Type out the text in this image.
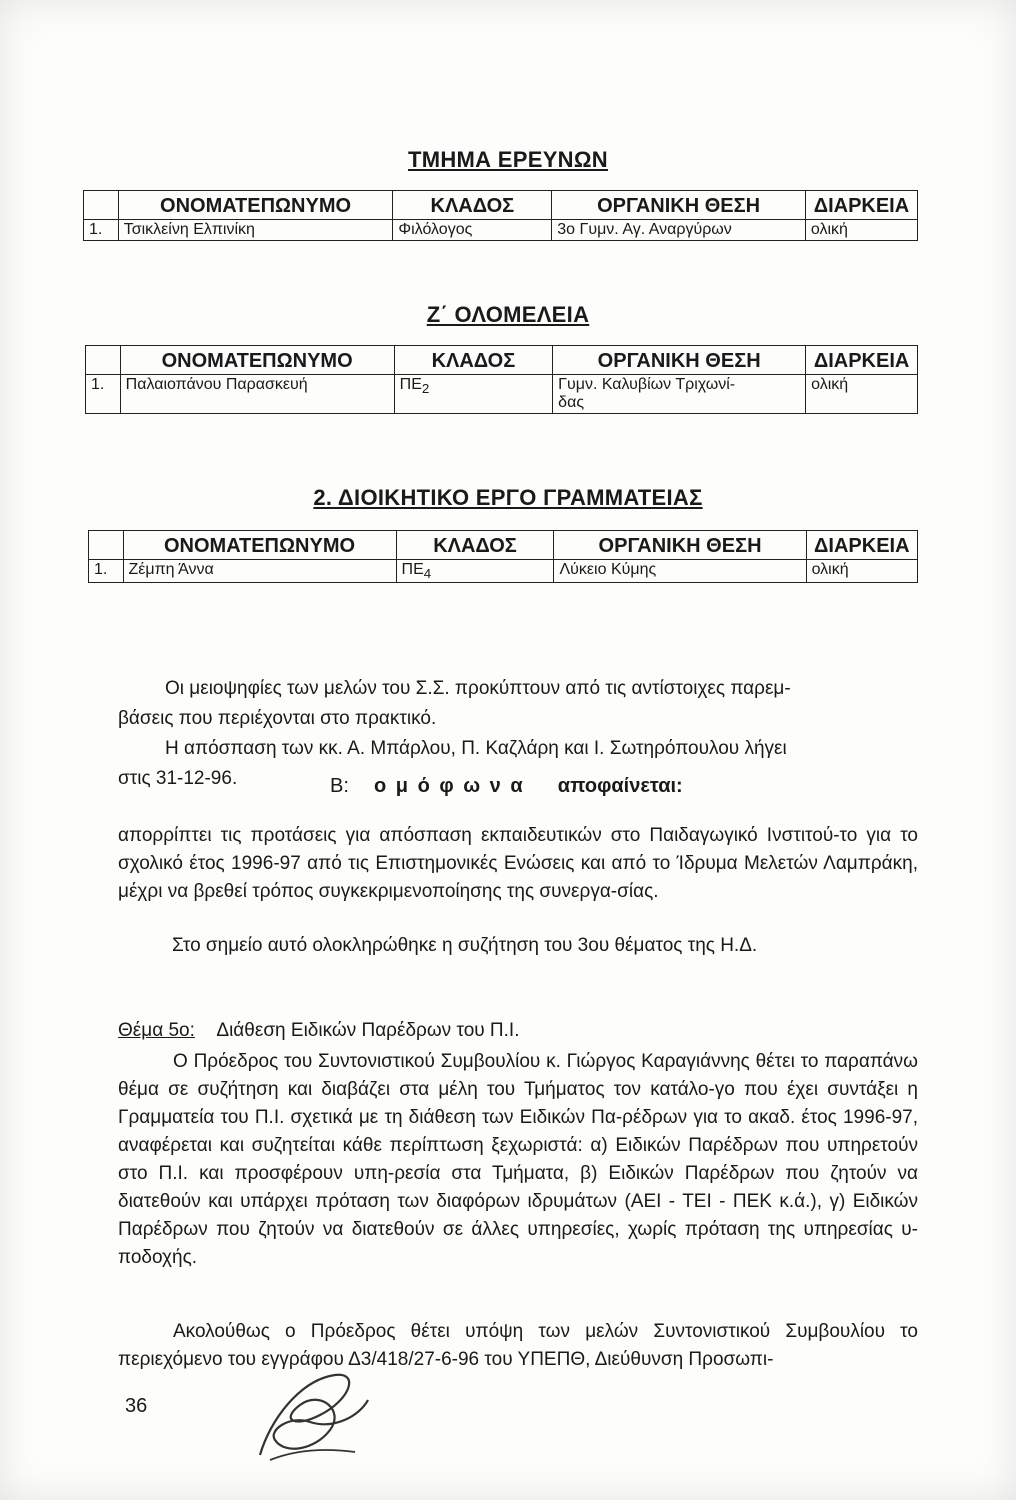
ΤΜΗΜΑ ΕΡΕΥΝΩΝ
	ΟΝΟΜΑΤΕΠΩΝΥΜΟ	ΚΛΑΔΟΣ	ΟΡΓΑΝΙΚΗ ΘΕΣΗ	ΔΙΑΡΚΕΙΑ
1.	Τσικλείνη Ελπινίκη	Φιλόλογος	3ο Γυμν. Αγ. Αναργύρων	ολική
Ζ΄ ΟΛΟΜΕΛΕΙΑ
	ΟΝΟΜΑΤΕΠΩΝΥΜΟ	ΚΛΑΔΟΣ	ΟΡΓΑΝΙΚΗ ΘΕΣΗ	ΔΙΑΡΚΕΙΑ
1.	Παλαιοπάνου Παρασκευή	$\Pi E_2$	Γυμν. Καλυβίων Τριχωνί-
δας	ολική
2. ΔΙΟΙΚΗΤΙΚΟ ΕΡΓΟ ΓΡΑΜΜΑΤΕΙΑΣ
	ΟΝΟΜΑΤΕΠΩΝΥΜΟ	ΚΛΑΔΟΣ	ΟΡΓΑΝΙΚΗ ΘΕΣΗ	ΔΙΑΡΚΕΙΑ
1.	Ζέμπη Άννα	$\Pi E_4$	Λύκειο Κύμης	ολική
Οι μειοψηφίες των μελών του Σ.Σ. προκύπτουν από τις αντίστοιχες παρεμ-
βάσεις που περιέχονται στο πρακτικό.
Η απόσπαση των κκ. Α. Μπάρλου, Π. Καζλάρη και Ι. Σωτηρόπουλου λήγει
στις 31-12-96.	Β: ο μ ό φ ω ν α αποφαίνεται:
απορρίπτει τις προτάσεις για απόσπαση εκπαιδευτικών στο Παιδαγωγικό Ινστιτού-το για το σχολικό έτος 1996-97 από τις Επιστημονικές Ενώσεις και από το Ίδρυμα Μελετών Λαμπράκη, μέχρι να βρεθεί τρόπος συγκεκριμενοποίησης της συνεργα-σίας.
Στο σημείο αυτό ολοκληρώθηκε η συζήτηση του 3ου θέματος της Η.Δ.
Θέμα 5ο: Διάθεση Ειδικών Παρέδρων του Π.Ι.
Ο Πρόεδρος του Συντονιστικού Συμβουλίου κ. Γιώργος Καραγιάννης θέτει το παραπάνω θέμα σε συζήτηση και διαβάζει στα μέλη του Τμήματος τον κατάλο-γο που έχει συντάξει η Γραμματεία του Π.Ι. σχετικά με τη διάθεση των Ειδικών Πα-ρέδρων για το ακαδ. έτος 1996-97, αναφέρεται και συζητείται κάθε περίπτωση ξεχωριστά: α) Ειδικών Παρέδρων που υπηρετούν στο Π.Ι. και προσφέρουν υπη-ρεσία στα Τμήματα, β) Ειδικών Παρέδρων που ζητούν να διατεθούν και υπάρχει πρόταση των διαφόρων ιδρυμάτων (ΑΕΙ - ΤΕΙ - ΠΕΚ κ.ά.), γ) Ειδικών Παρέδρων που ζητούν να διατεθούν σε άλλες υπηρεσίες, χωρίς πρόταση της υπηρεσίας υ-ποδοχής.
Ακολούθως ο Πρόεδρος θέτει υπόψη των μελών Συντονιστικού Συμβουλίου το περιεχόμενο του εγγράφου Δ3/418/27-6-96 του ΥΠΕΠΘ, Διεύθυνση Προσωπι-
36
